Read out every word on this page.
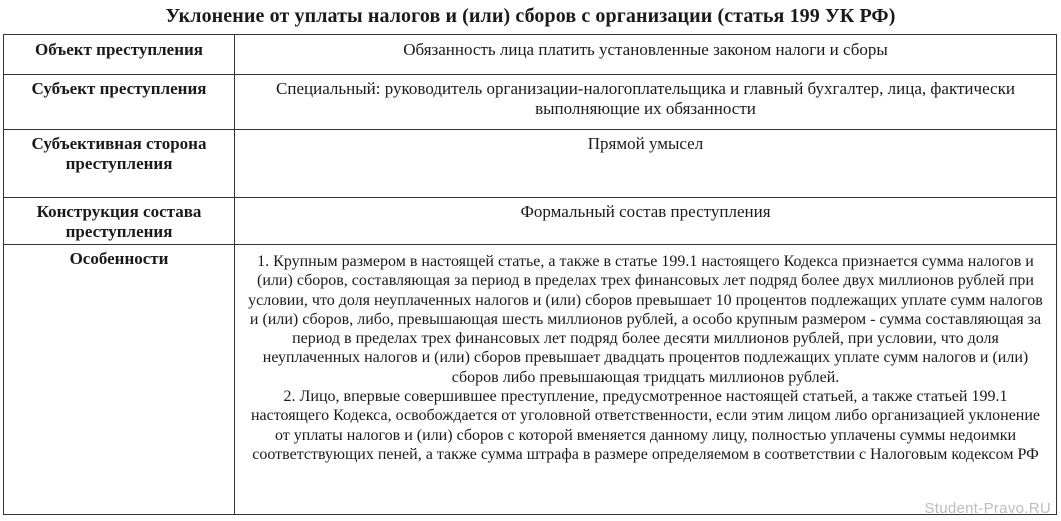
Уклонение от уплаты налогов и (или) сборов с организации (статья 199 УК РФ)
Объект преступления	Обязанность лица платить установленные законом налоги и сборы
Субъект преступления	Специальный: руководитель организации-налогоплательщика и главный бухгалтер, лица, фактически выполняющие их обязанности
Субъективная сторона преступления	Прямой умысел
Конструкция состава преступления	Формальный состав преступления
Особенности	1. Крупным размером в настоящей статье, а также в статье 199.1 настоящего Кодекса признается сумма налогов и (или) сборов, составляющая за период в пределах трех финансовых лет подряд более двух миллионов рублей при условии, что доля неуплаченных налогов и (или) сборов превышает 10 процентов подлежащих уплате сумм налогов и (или) сборов, либо, превышающая шесть миллионов рублей, а особо крупным размером - сумма составляющая за период в пределах трех финансовых лет подряд более десяти миллионов рублей, при условии, что доля неуплаченных налогов и (или) сборов превышает двадцать процентов подлежащих уплате сумм налогов и (или) сборов либо превышающая тридцать миллионов рублей.

2. Лицо, впервые совершившее преступление, предусмотренное настоящей статьей, а также статьей 199.1 настоящего Кодекса, освобождается от уголовной ответственности, если этим лицом либо организацией уклонение от уплаты налогов и (или) сборов с которой вменяется данному лицу, полностью уплачены суммы недоимки соответствующих пеней, а также сумма штрафа в размере определяемом в соответствии с Налоговым кодексом РФ

Student-Pravo.RU
